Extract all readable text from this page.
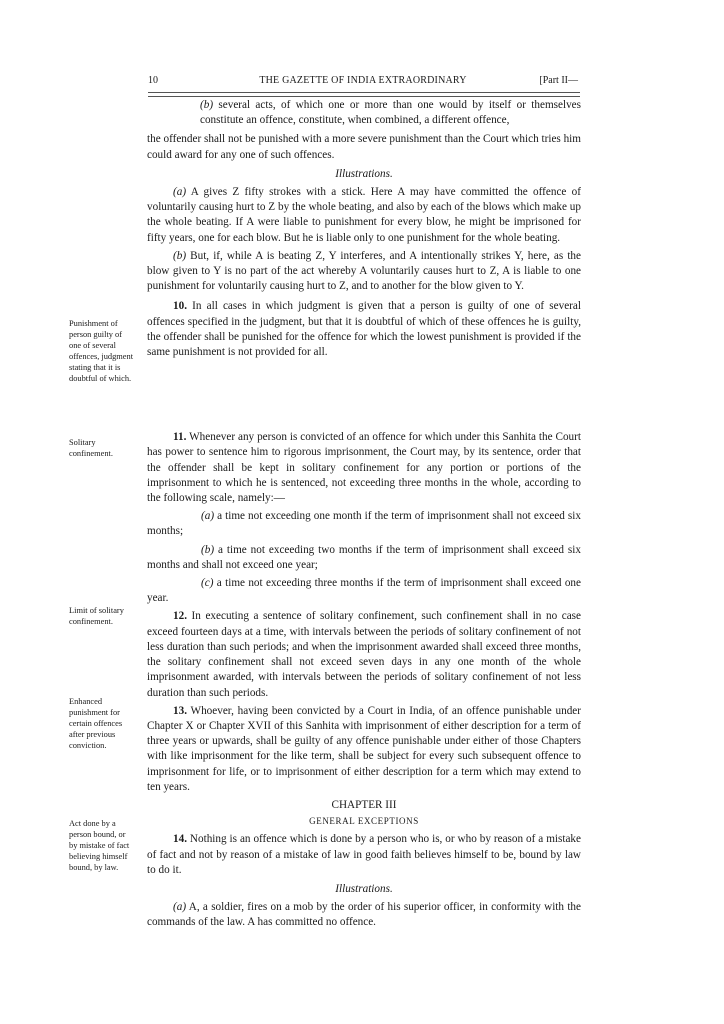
10	THE GAZETTE OF INDIA EXTRAORDINARY	[Part II—
Punishment of person guilty of one of several offences, judgment stating that it is doubtful of which.
Solitary confinement.
Limit of solitary confinement.
Enhanced punishment for certain offences after previous conviction.
Act done by a person bound, or by mistake of fact believing himself bound, by law.

(b) several acts, of which one or more than one would by itself or themselves constitute an offence, constitute, when combined, a different offence,

the offender shall not be punished with a more severe punishment than the Court which tries him could award for any one of such offences.

Illustrations.

(a) A gives Z fifty strokes with a stick. Here A may have committed the offence of voluntarily causing hurt to Z by the whole beating, and also by each of the blows which make up the whole beating. If A were liable to punishment for every blow, he might be imprisoned for fifty years, one for each blow. But he is liable only to one punishment for the whole beating.

(b) But, if, while A is beating Z, Y interferes, and A intentionally strikes Y, here, as the blow given to Y is no part of the act whereby A voluntarily causes hurt to Z, A is liable to one punishment for voluntarily causing hurt to Z, and to another for the blow given to Y.

10. In all cases in which judgment is given that a person is guilty of one of several offences specified in the judgment, but that it is doubtful of which of these offences he is guilty, the offender shall be punished for the offence for which the lowest punishment is provided if the same punishment is not provided for all.

11. Whenever any person is convicted of an offence for which under this Sanhita the Court has power to sentence him to rigorous imprisonment, the Court may, by its sentence, order that the offender shall be kept in solitary confinement for any portion or portions of the imprisonment to which he is sentenced, not exceeding three months in the whole, according to the following scale, namely:—

(a) a time not exceeding one month if the term of imprisonment shall not exceed six months;

(b) a time not exceeding two months if the term of imprisonment shall exceed six months and shall not exceed one year;

(c) a time not exceeding three months if the term of imprisonment shall exceed one year.

12. In executing a sentence of solitary confinement, such confinement shall in no case exceed fourteen days at a time, with intervals between the periods of solitary confinement of not less duration than such periods; and when the imprisonment awarded shall exceed three months, the solitary confinement shall not exceed seven days in any one month of the whole imprisonment awarded, with intervals between the periods of solitary confinement of not less duration than such periods.

13. Whoever, having been convicted by a Court in India, of an offence punishable under Chapter X or Chapter XVII of this Sanhita with imprisonment of either description for a term of three years or upwards, shall be guilty of any offence punishable under either of those Chapters with like imprisonment for the like term, shall be subject for every such subsequent offence to imprisonment for life, or to imprisonment of either description for a term which may extend to ten years.

CHAPTER III

GENERAL EXCEPTIONS

14. Nothing is an offence which is done by a person who is, or who by reason of a mistake of fact and not by reason of a mistake of law in good faith believes himself to be, bound by law to do it.

Illustrations.

(a) A, a soldier, fires on a mob by the order of his superior officer, in conformity with the commands of the law. A has committed no offence.
